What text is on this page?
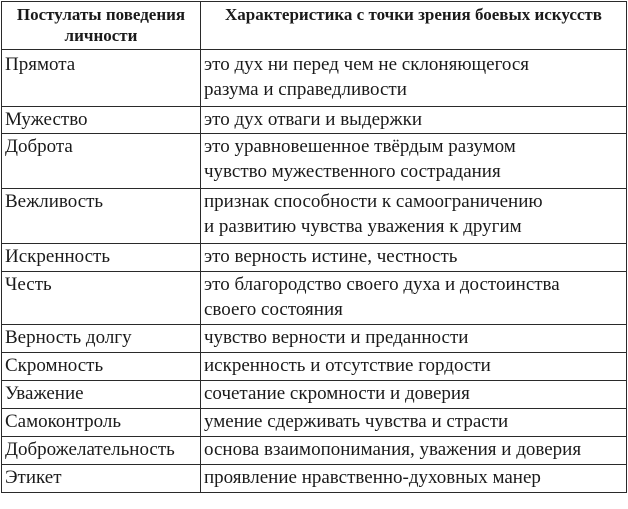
Постулаты поведения личности	Характеристика с точки зрения боевых искусств
Прямота	это дух ни перед чем не склоняющегося
разума и справедливости
Мужество	это дух отваги и выдержки
Доброта	это уравновешенное твёрдым разумом
чувство мужественного сострадания
Вежливость	признак способности к самоограничению
и развитию чувства уважения к другим
Искренность	это верность истине, честность
Честь	это благородство своего духа и достоинства
своего состояния
Верность долгу	чувство верности и преданности
Скромность	искренность и отсутствие гордости
Уважение	сочетание скромности и доверия
Самоконтроль	умение сдерживать чувства и страсти
Доброжелательность	основа взаимопонимания, уважения и доверия
Этикет	проявление нравственно-духовных манер
